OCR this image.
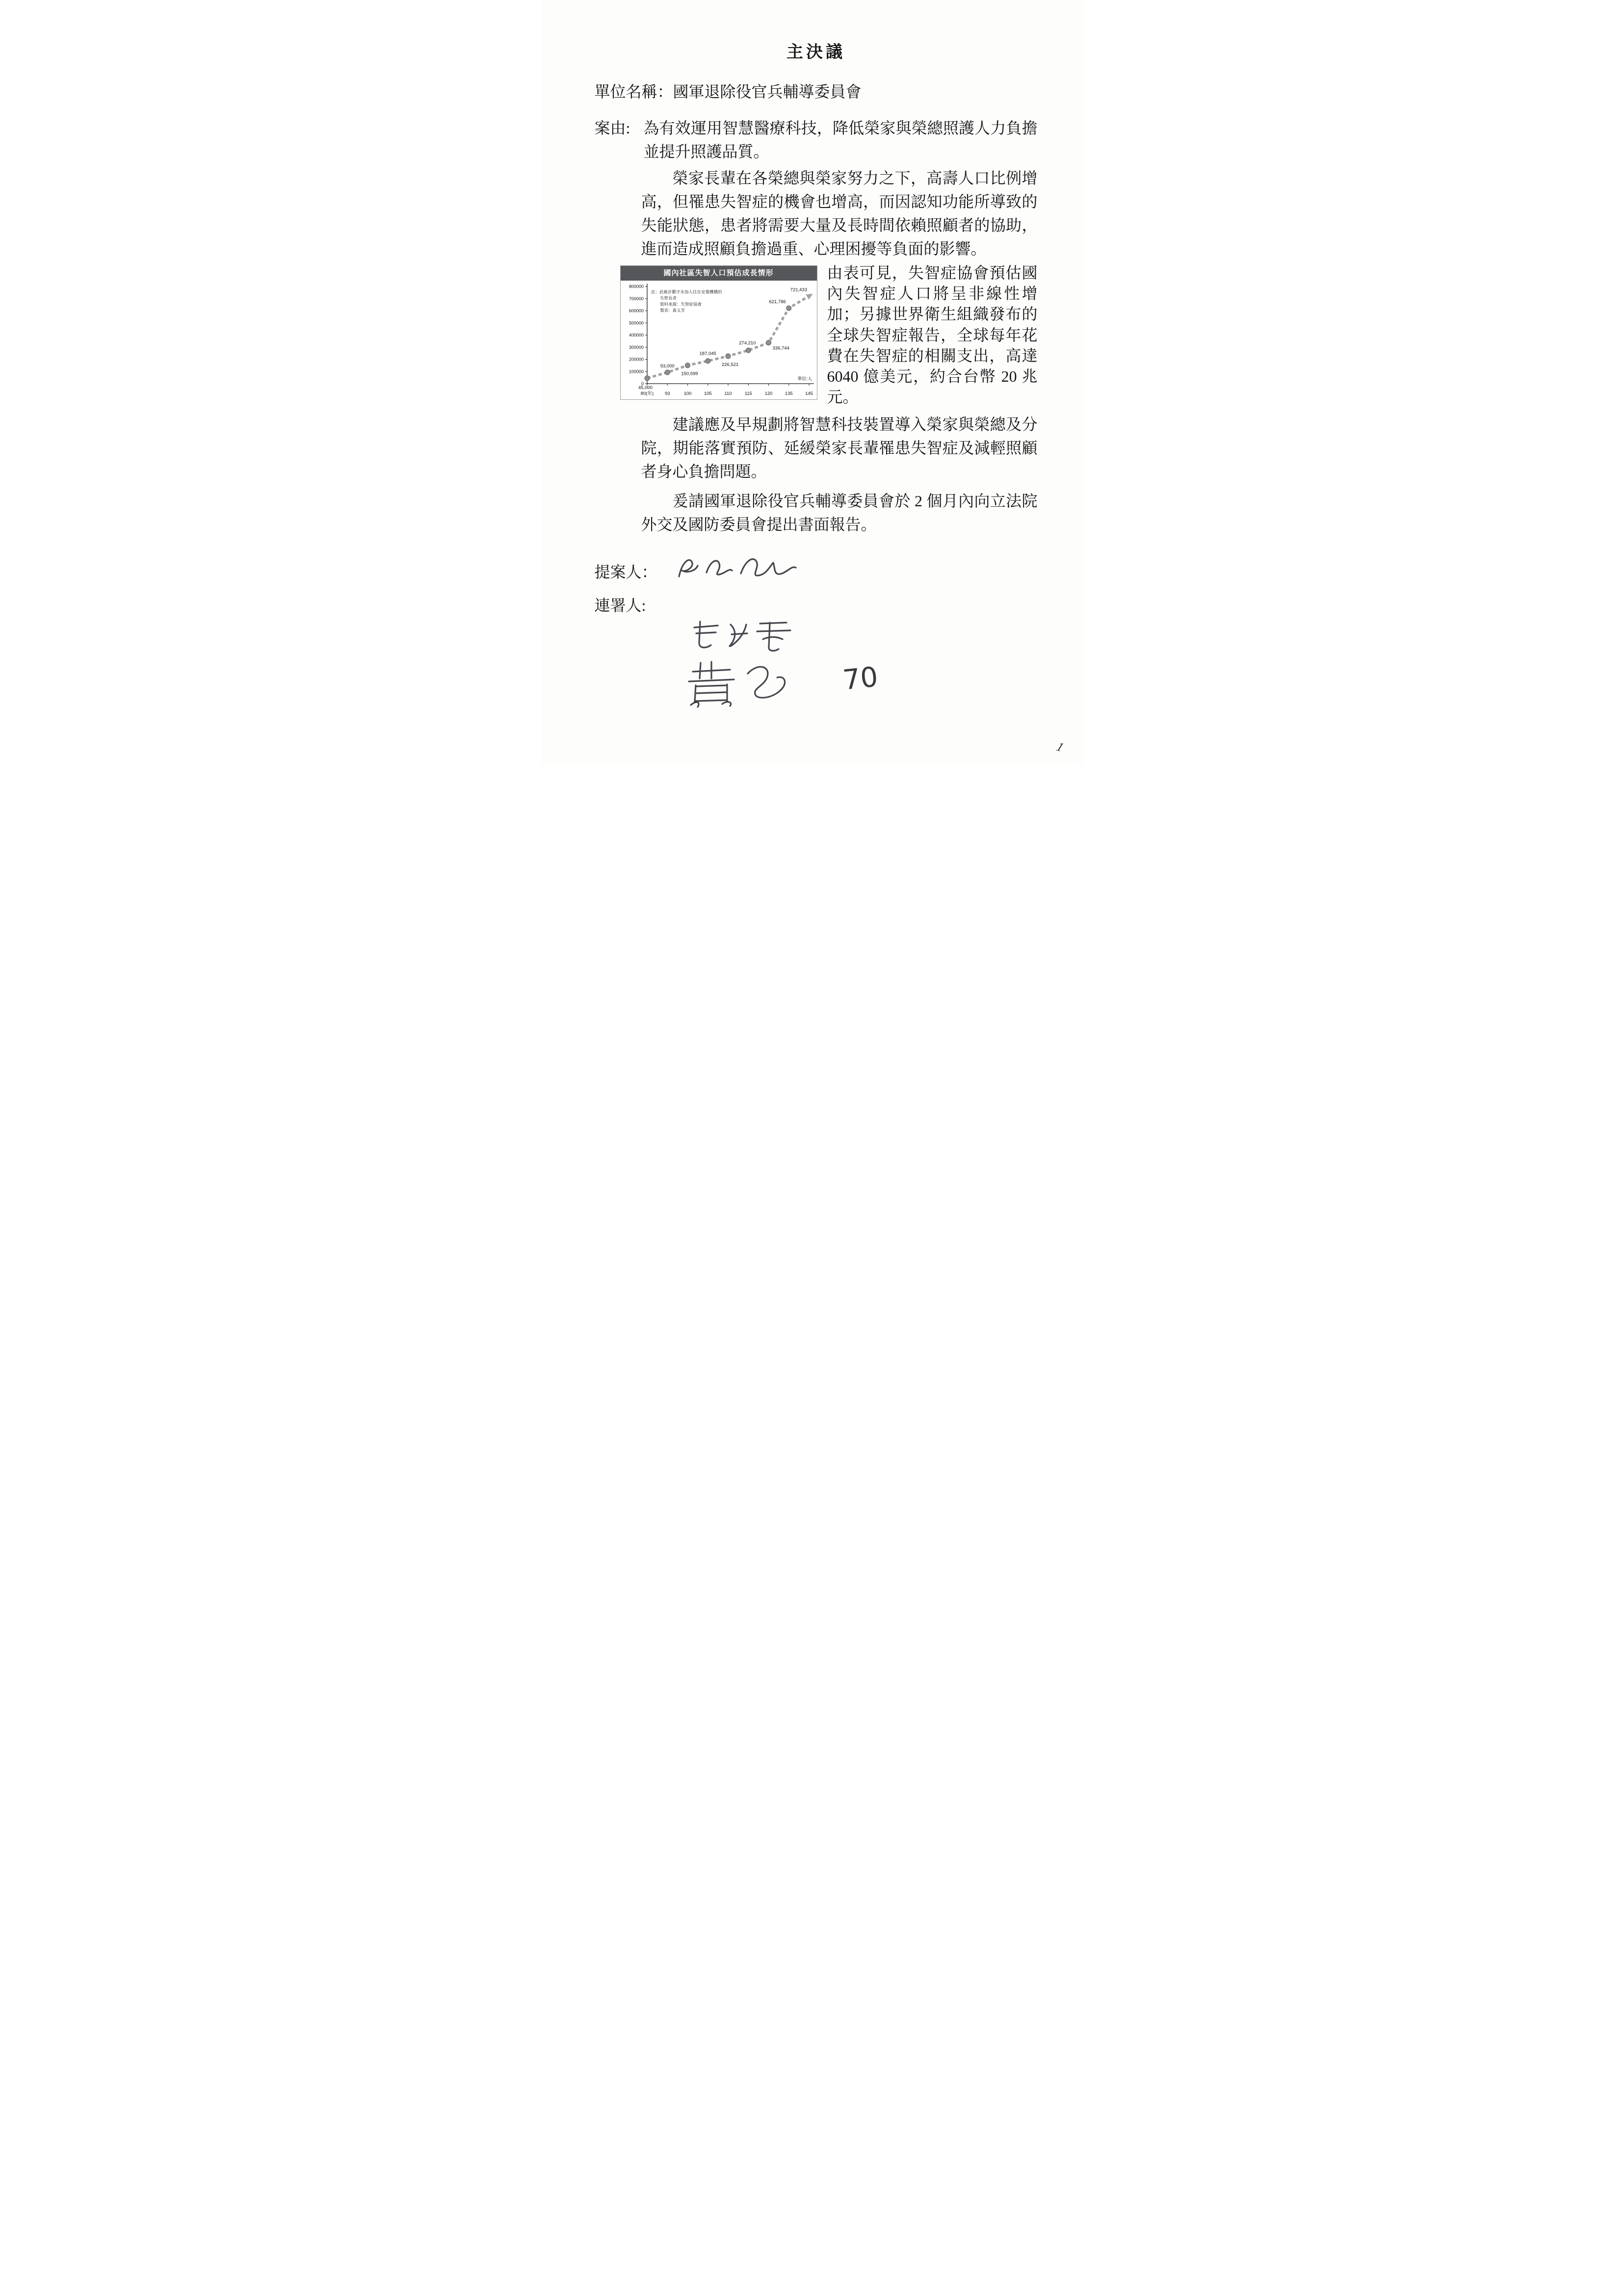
主決議
單位名稱：國軍退除役官兵輔導委員會
案由: 為有效運用智慧醫療科技，降低榮家與榮總照護人力負擔並提升照護品質。

榮家長輩在各榮總與榮家努力之下，高壽人口比例增高，但罹患失智症的機會也增高，而因認知功能所導致的失能狀態，患者將需要大量及長時間依賴照顧者的協助，進而造成照顧負擔過重、心理困擾等負面的影響。

國內社區失智人口預估成長情形
800000
700000
600000
500000
400000
300000
200000
100000
0
80(年) 93	100	105	110	115	120	135	145
45,000
93,000
150,599
187,045
226,521
274,210
336,744
621,786
721,433
註：此統計數字未加入住在安養機構的
失智長者
資料來源：失智症協會
製表：黃玉芳
單位:人

由表可見，失智症協會預估國內失智症人口將呈非線性增加；另據世界衛生組織發布的全球失智症報告，全球每年花費在失智症的相關支出，高達 6040 億美元，約合台幣 20 兆元。

建議應及早規劃將智慧科技裝置導入榮家與榮總及分院，期能落實預防、延緩榮家長輩罹患失智症及減輕照顧者身心負擔問題。

爰請國軍退除役官兵輔導委員會於 2 個月內向立法院外交及國防委員會提出書面報告。

提案人：
連署人:
70
1
